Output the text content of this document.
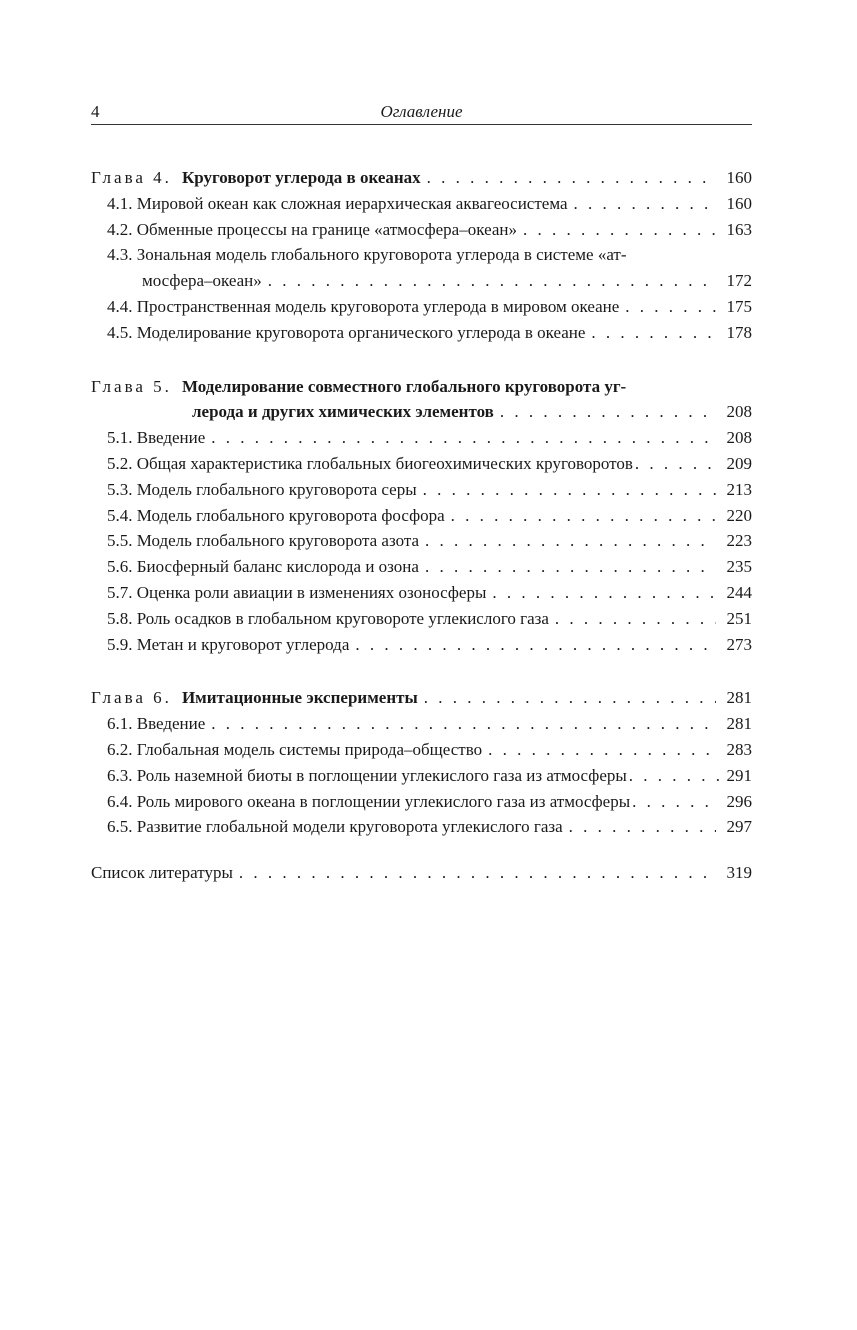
4	Оглавление
Глава 4. Круговорот углерода в океанах . . .	160
4.1. Мировой океан как сложная иерархическая аквагеосистема . . .	160
4.2. Обменные процессы на границе «атмосфера–океан» . . .	163
4.3. Зональная модель глобального круговорота углерода в системе «ат-
мосфера–океан» . . .	172
4.4. Пространственная модель круговорота углерода в мировом океане . . .	175
4.5. Моделирование круговорота органического углерода в океане . . .	178
Глава 5. Моделирование совместного глобального круговорота уг-
лерода и других химических элементов . . .	208
5.1. Введение . . .	208
5.2. Общая характеристика глобальных биогеохимических круговоротов . . .	209
5.3. Модель глобального круговорота серы . . .	213
5.4. Модель глобального круговорота фосфора . . .	220
5.5. Модель глобального круговорота азота . . .	223
5.6. Биосферный баланс кислорода и озона . . .	235
5.7. Оценка роли авиации в изменениях озоносферы . . .	244
5.8. Роль осадков в глобальном круговороте углекислого газа . . .	251
5.9. Метан и круговорот углерода . . .	273
Глава 6. Имитационные эксперименты . . .	281
6.1. Введение . . .	281
6.2. Глобальная модель системы природа–общество . . .	283
6.3. Роль наземной биоты в поглощении углекислого газа из атмосферы . . .	291
6.4. Роль мирового океана в поглощении углекислого газа из атмосферы . . .	296
6.5. Развитие глобальной модели круговорота углекислого газа . . .	297
Список литературы . . .	319
